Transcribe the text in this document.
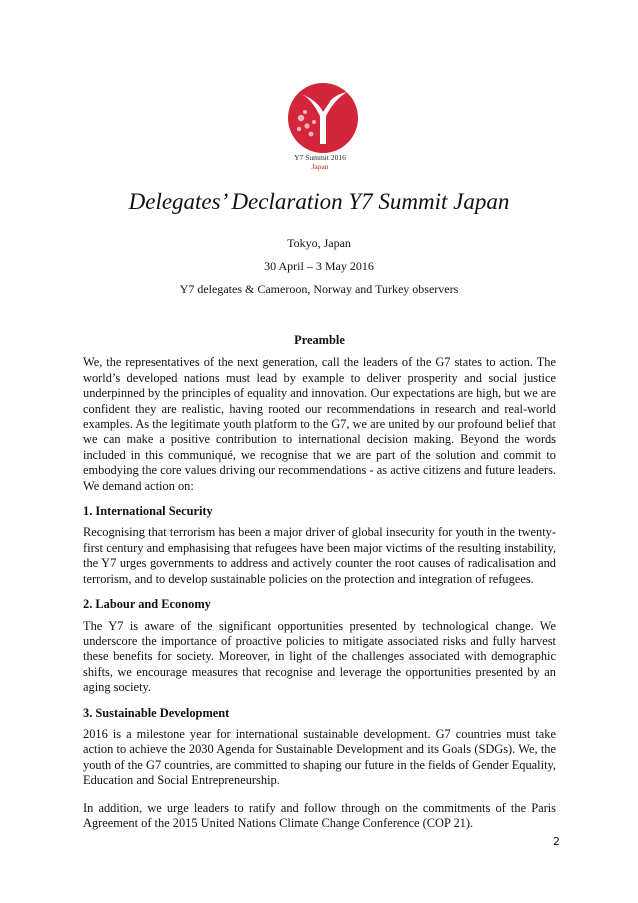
Y7 Summit 2016
Japan
Delegates’ Declaration Y7 Summit Japan
Tokyo, Japan
30 April – 3 May 2016
Y7 delegates & Cameroon, Norway and Turkey observers

Preamble

We, the representatives of the next generation, call the leaders of the G7 states to action. The world’s developed nations must lead by example to deliver prosperity and social justice underpinned by the principles of equality and innovation. Our expectations are high, but we are confident they are realistic, having rooted our recommendations in research and real-world examples. As the legitimate youth platform to the G7, we are united by our profound belief that we can make a positive contribution to international decision making. Beyond the words included in this communiqué, we recognise that we are part of the solution and commit to embodying the core values driving our recommendations - as active citizens and future leaders. We demand action on:

1. International Security

Recognising that terrorism has been a major driver of global insecurity for youth in the twenty-first century and emphasising that refugees have been major victims of the resulting instability, the Y7 urges governments to address and actively counter the root causes of radicalisation and terrorism, and to develop sustainable policies on the protection and integration of refugees.

2. Labour and Economy

The Y7 is aware of the significant opportunities presented by technological change. We underscore the importance of proactive policies to mitigate associated risks and fully harvest these benefits for society. Moreover, in light of the challenges associated with demographic shifts, we encourage measures that recognise and leverage the opportunities presented by an aging society.

3. Sustainable Development

2016 is a milestone year for international sustainable development. G7 countries must take action to achieve the 2030 Agenda for Sustainable Development and its Goals (SDGs). We, the youth of the G7 countries, are committed to shaping our future in the fields of Gender Equality, Education and Social Entrepreneurship.

In addition, we urge leaders to ratify and follow through on the commitments of the Paris Agreement of the 2015 United Nations Climate Change Conference (COP 21).

2
